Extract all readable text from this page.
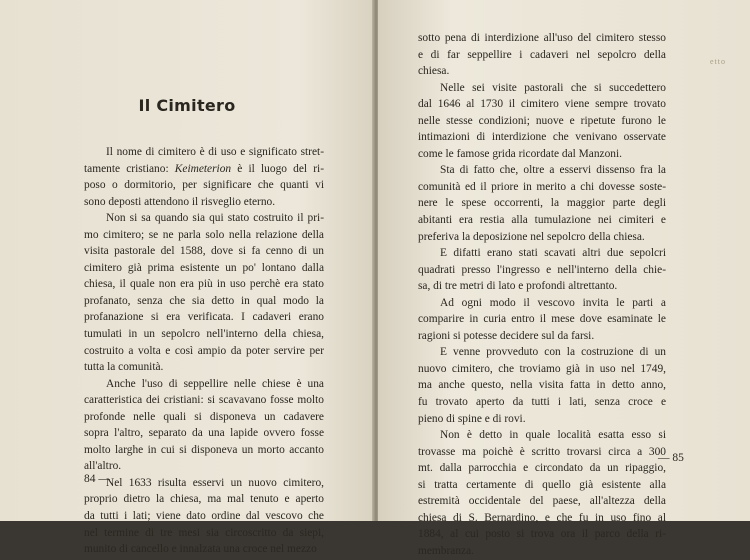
Il Cimitero

Il nome di cimitero è di uso e significato stret-
tamente cristiano: Keimeterion è il luogo del ri-
poso o dormitorio, per significare che quanti vi
sono deposti attendono il risveglio eterno.

Non si sa quando sia qui stato costruito il pri-
mo cimitero; se ne parla solo nella relazione della
visita pastorale del 1588, dove si fa cenno di un
cimitero già prima esistente un po' lontano dalla
chiesa, il quale non era più in uso perchè era stato
profanato, senza che sia detto in qual modo la
profanazione si era verificata. I cadaveri erano
tumulati in un sepolcro nell'interno della chiesa,
costruito a volta e così ampio da poter servire per
tutta la comunità.

Anche l'uso di seppellire nelle chiese è una
caratteristica dei cristiani: si scavavano fosse molto
profonde nelle quali si disponeva un cadavere
sopra l'altro, separato da una lapide ovvero fosse
molto larghe in cui si disponeva un morto accanto
all'altro.

Nel 1633 risulta esservi un nuovo cimitero,
proprio dietro la chiesa, ma mal tenuto e aperto
da tutti i lati; viene dato ordine dal vescovo che
nel termine di tre mesi sia circoscritto da siepi,
munito di cancello e innalzata una croce nel mezzo

84 —
etto

sotto pena di interdizione all'uso del cimitero stesso
e di far seppellire i cadaveri nel sepolcro della
chiesa.

Nelle sei visite pastorali che si succedettero
dal 1646 al 1730 il cimitero viene sempre trovato
nelle stesse condizioni; nuove e ripetute furono le
intimazioni di interdizione che venivano osservate
come le famose grida ricordate dal Manzoni.

Sta di fatto che, oltre a esservi dissenso fra la
comunità ed il priore in merito a chi dovesse soste-
nere le spese occorrenti, la maggior parte degli
abitanti era restia alla tumulazione nei cimiteri e
preferiva la deposizione nel sepolcro della chiesa.

E difatti erano stati scavati altri due sepolcri
quadrati presso l'ingresso e nell'interno della chie-
sa, di tre metri di lato e profondi altrettanto.

Ad ogni modo il vescovo invita le parti a
comparire in curia entro il mese dove esaminate le
ragioni si potesse decidere sul da farsi.

E venne provveduto con la costruzione di un
nuovo cimitero, che troviamo già in uso nel 1749,
ma anche questo, nella visita fatta in detto anno,
fu trovato aperto da tutti i lati, senza croce e
pieno di spine e di rovi.

Non è detto in quale località esatta esso si
trovasse ma poichè è scritto trovarsi circa a 300
mt. dalla parrocchia e circondato da un ripaggio,
si tratta certamente di quello già esistente alla
estremità occidentale del paese, all'altezza della
chiesa di S. Bernardino, e che fu in uso fino al
1884, al cui posto si trova ora il parco della ri-
membranza.

— 85
